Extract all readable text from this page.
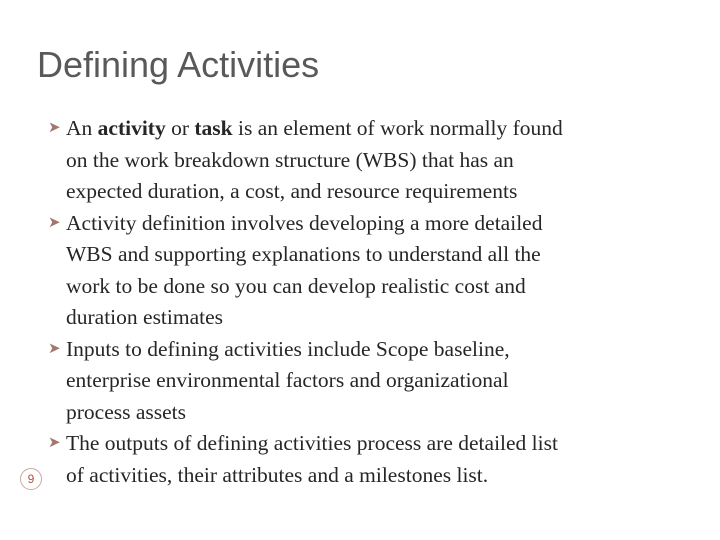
Defining Activities
➤ An activity or task is an element of work normally found
on the work breakdown structure (WBS) that has an
expected duration, a cost, and resource requirements
➤ Activity definition involves developing a more detailed
WBS and supporting explanations to understand all the
work to be done so you can develop realistic cost and
duration estimates
➤ Inputs to defining activities include Scope baseline,
enterprise environmental factors and organizational
process assets
➤ The outputs of defining activities process are detailed list
of activities, their attributes and a milestones list.
9
